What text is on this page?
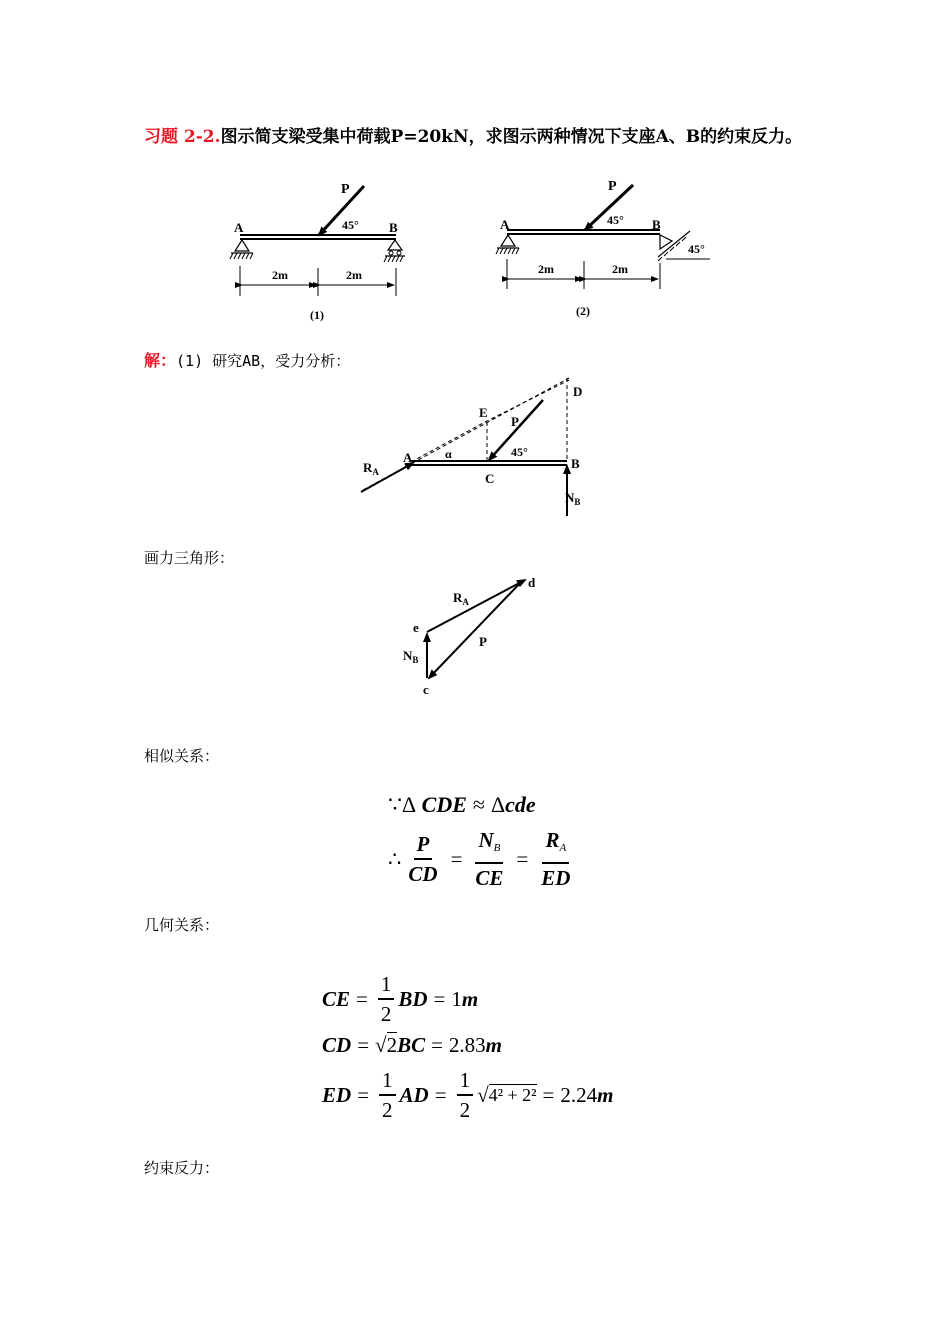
习题 2-2.图示简支梁受集中荷载P=20kN，求图示两种情况下支座A、B的约束反力。
P
45°
A	B
2m	2m
(1)
P
45°
A	B
45°
2m	2m
(2)
解：(1) 研究AB，受力分析：
E
D
P
45°
A	α
B
C
$R_A$
$N_B$
画力三角形：
d
$R_A$
e
P
$N_B$
c
相似关系：
∵Δ CDE ≈ Δcde
∴ $\frac{P}{CD} = \frac{N_B}{CE} = \frac{R_A}{ED}$
几何关系：
CE = $\frac{1}{2}$ BD = 1 m
CD = √ 2 BC = 2.83 m
ED = $\frac{1}{2}$ AD = $\frac{1}{2}$ √ 4² + 2² = 2.24 m
约束反力：
